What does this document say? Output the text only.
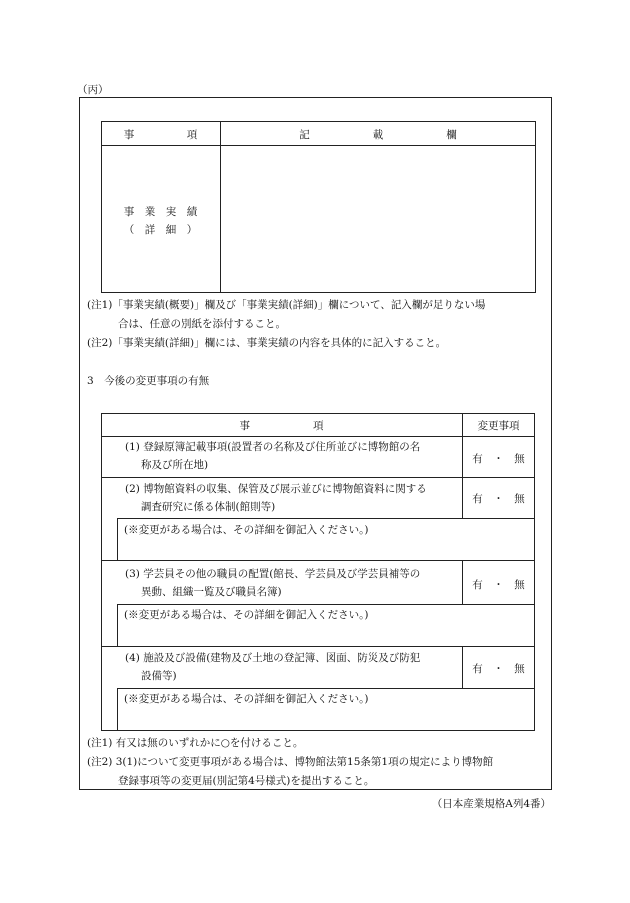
（丙）
事　　　　　項	記　　　　　　載　　　　　　欄
事　業　実　績
（　詳　細　）
(注1)「事業実績(概要)」欄及び「事業実績(詳細)」欄について、記入欄が足りない場
合は、任意の別紙を添付すること。
(注2)「事業実績(詳細)」欄には、事業実績の内容を具体的に記入すること。
3　今後の変更事項の有無
事　　　　　　項	変更事項
(1) 登録原簿記載事項(設置者の名称及び住所並びに博物館の名
称及び所在地)	有　・　無
(2) 博物館資料の収集、保管及び展示並びに博物館資料に関する
調査研究に係る体制(館則等)
有　・　無
(※変更がある場合は、その詳細を御記入ください。)
(3) 学芸員その他の職員の配置(館長、学芸員及び学芸員補等の
異動、組織一覧及び職員名簿)
有　・　無
(※変更がある場合は、その詳細を御記入ください。)
(4) 施設及び設備(建物及び土地の登記簿、図面、防災及び防犯
設備等)
有　・　無
(※変更がある場合は、その詳細を御記入ください。)
(注1) 有又は無のいずれかに○を付けること。
(注2) 3(1)について変更事項がある場合は、博物館法第15条第1項の規定により博物館
登録事項等の変更届(別記第4号様式)を提出すること。
（日本産業規格A列4番）
